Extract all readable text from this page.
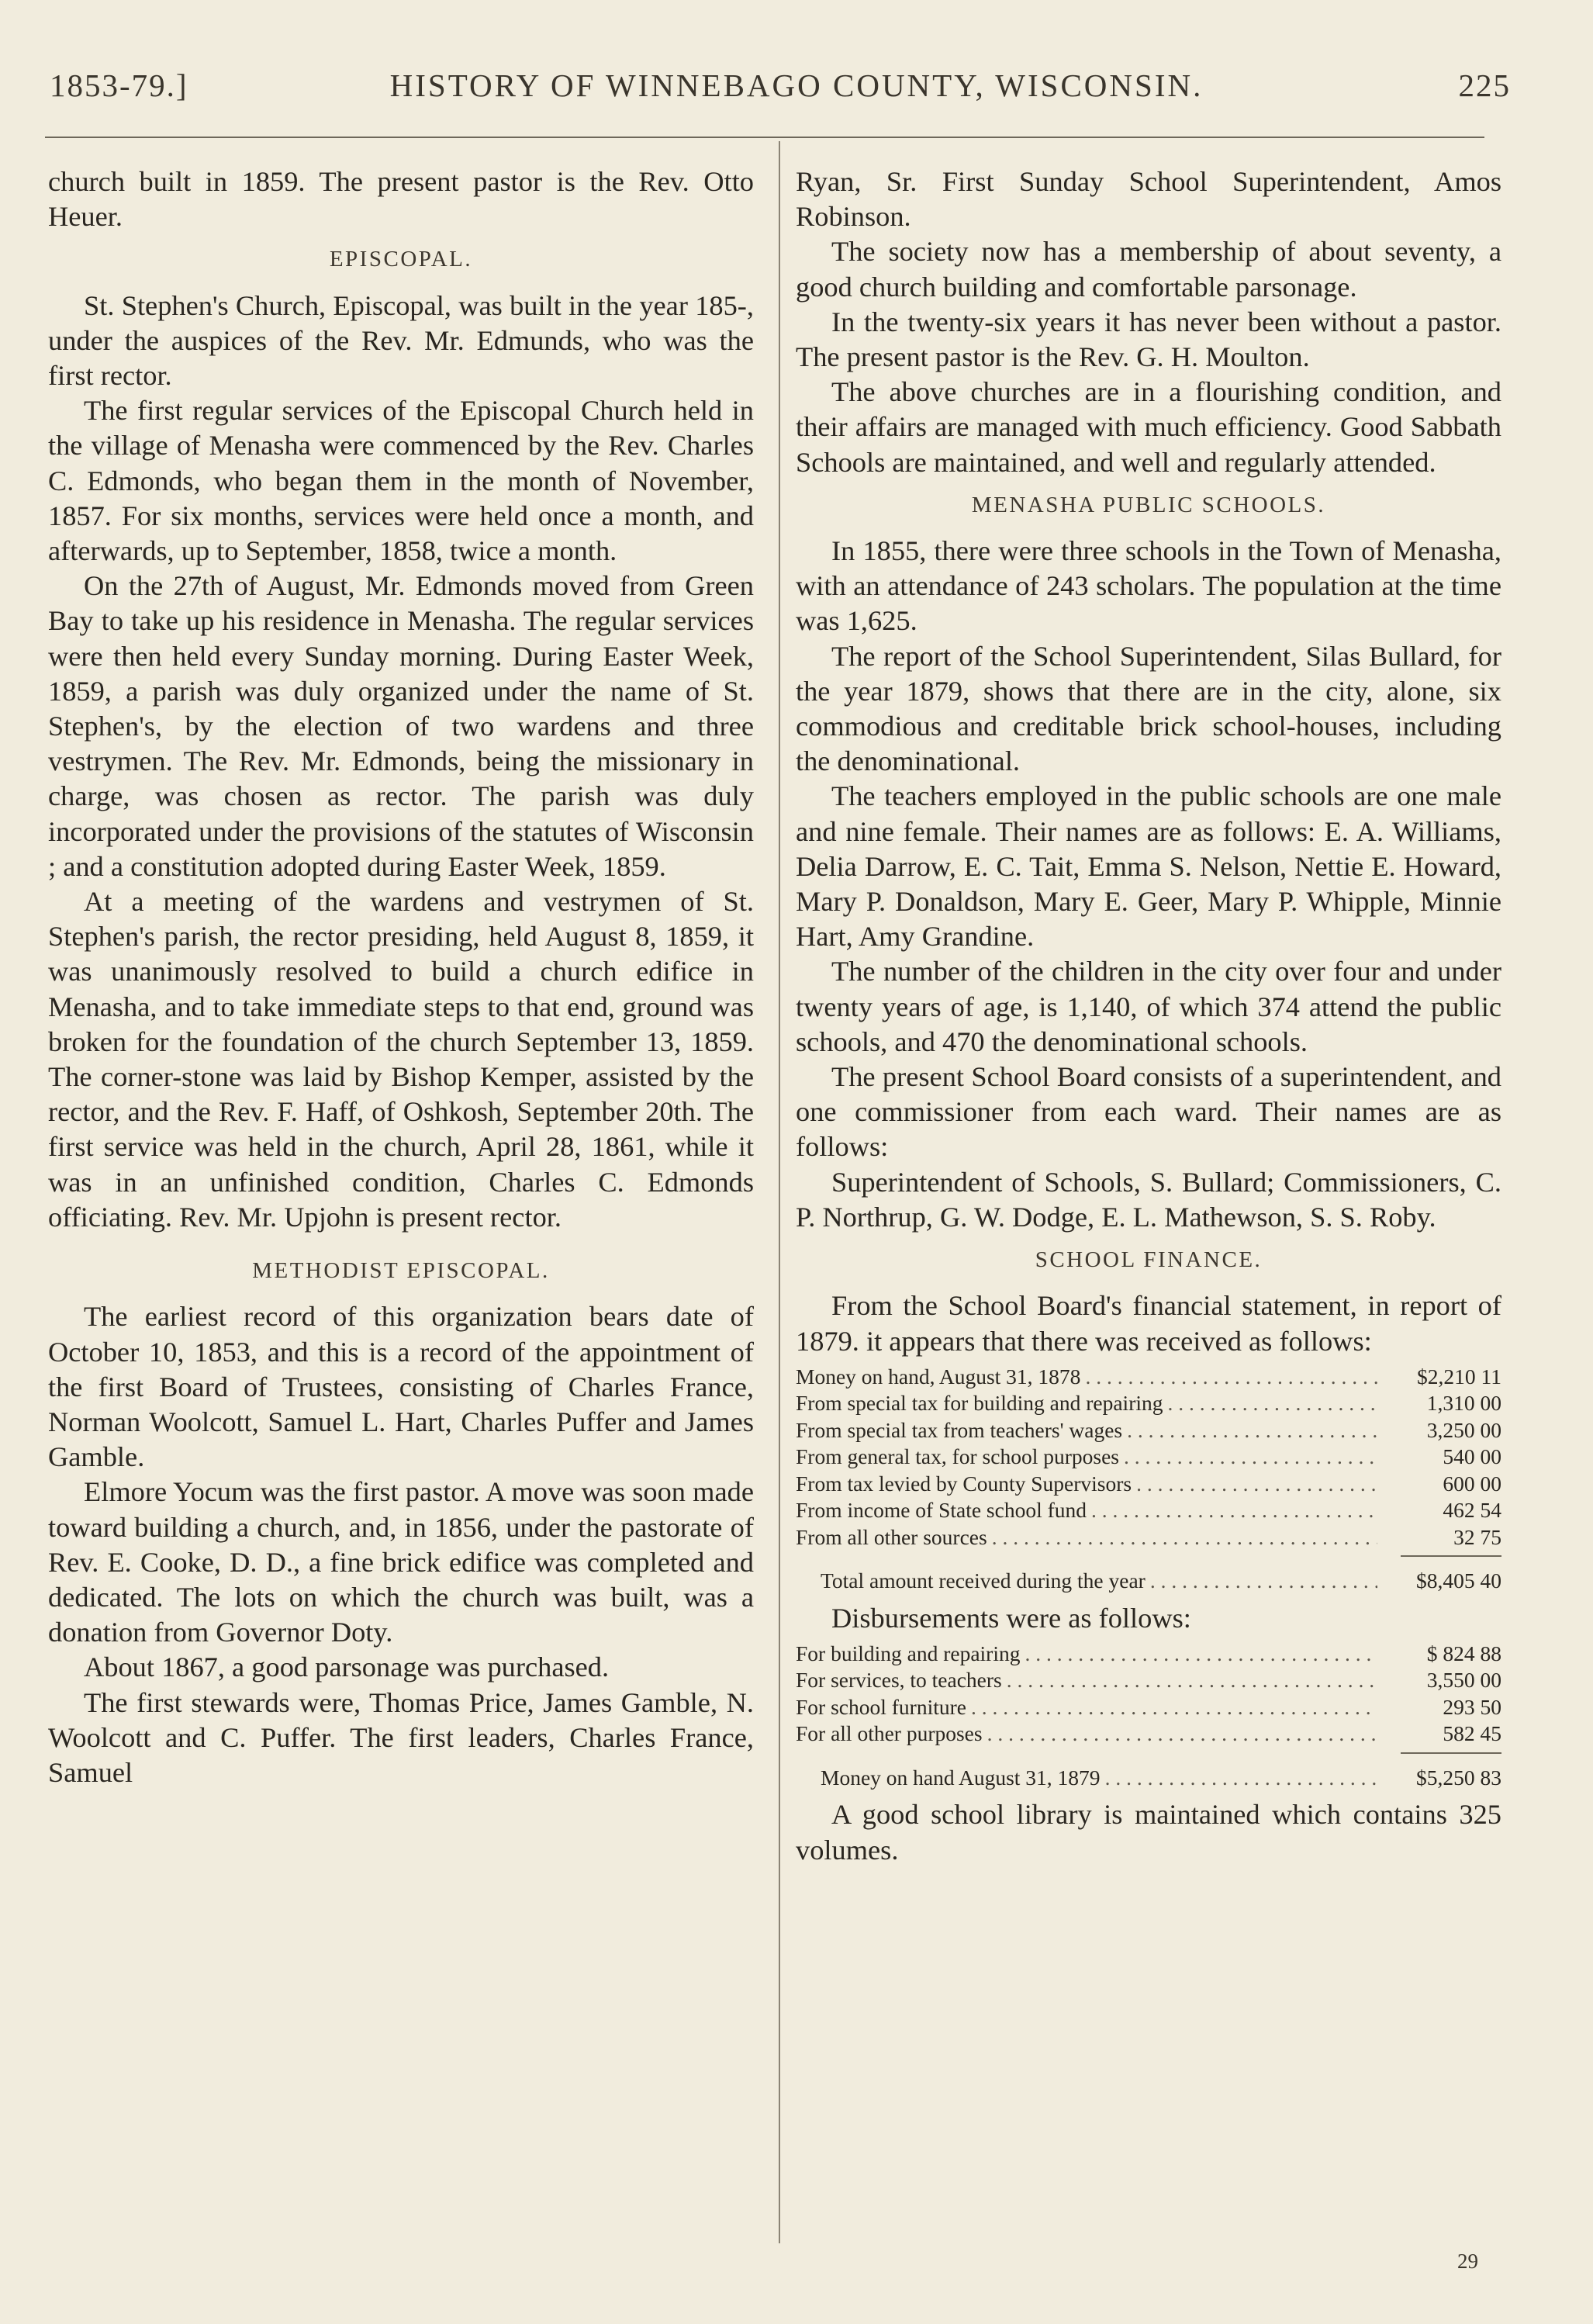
1853-79.]	HISTORY OF WINNEBAGO COUNTY, WISCONSIN.	225

church built in 1859. The present pastor is the Rev. Otto Heuer.

EPISCOPAL.

St. Stephen's Church, Episcopal, was built in the year 185-, under the auspices of the Rev. Mr. Edmunds, who was the first rector.

The first regular services of the Episcopal Church held in the village of Menasha were commenced by the Rev. Charles C. Edmonds, who began them in the month of November, 1857. For six months, services were held once a month, and afterwards, up to September, 1858, twice a month.

On the 27th of August, Mr. Edmonds moved from Green Bay to take up his residence in Menasha. The regular services were then held every Sunday morning. During Easter Week, 1859, a parish was duly organized under the name of St. Stephen's, by the election of two wardens and three vestrymen. The Rev. Mr. Edmonds, being the missionary in charge, was chosen as rector. The parish was duly incorporated under the provisions of the statutes of Wisconsin ; and a constitution adopted during Easter Week, 1859.

At a meeting of the wardens and vestrymen of St. Stephen's parish, the rector presiding, held August 8, 1859, it was unanimously resolved to build a church edifice in Menasha, and to take immediate steps to that end, ground was broken for the foundation of the church September 13, 1859. The corner-stone was laid by Bishop Kemper, assisted by the rector, and the Rev. F. Haff, of Oshkosh, September 20th. The first service was held in the church, April 28, 1861, while it was in an unfinished condition, Charles C. Edmonds officiating. Rev. Mr. Upjohn is present rector.

METHODIST EPISCOPAL.

The earliest record of this organization bears date of October 10, 1853, and this is a record of the appointment of the first Board of Trustees, consisting of Charles France, Norman Woolcott, Samuel L. Hart, Charles Puffer and James Gamble.

Elmore Yocum was the first pastor. A move was soon made toward building a church, and, in 1856, under the pastorate of Rev. E. Cooke, D. D., a fine brick edifice was completed and dedicated. The lots on which the church was built, was a donation from Governor Doty.

About 1867, a good parsonage was purchased.

The first stewards were, Thomas Price, James Gamble, N. Woolcott and C. Puffer. The first leaders, Charles France, Samuel

Ryan, Sr. First Sunday School Superintendent, Amos Robinson.

The society now has a membership of about seventy, a good church building and comfortable parsonage.

In the twenty-six years it has never been without a pastor. The present pastor is the Rev. G. H. Moulton.

The above churches are in a flourishing condition, and their affairs are managed with much efficiency. Good Sabbath Schools are maintained, and well and regularly attended.

MENASHA PUBLIC SCHOOLS.

In 1855, there were three schools in the Town of Menasha, with an attendance of 243 scholars. The population at the time was 1,625.

The report of the School Superintendent, Silas Bullard, for the year 1879, shows that there are in the city, alone, six commodious and creditable brick school-houses, including the denominational.

The teachers employed in the public schools are one male and nine female. Their names are as follows: E. A. Williams, Delia Darrow, E. C. Tait, Emma S. Nelson, Nettie E. Howard, Mary P. Donaldson, Mary E. Geer, Mary P. Whipple, Minnie Hart, Amy Grandine.

The number of the children in the city over four and under twenty years of age, is 1,140, of which 374 attend the public schools, and 470 the denominational schools.

The present School Board consists of a superintendent, and one commissioner from each ward. Their names are as follows:

Superintendent of Schools, S. Bullard; Commissioners, C. P. Northrup, G. W. Dodge, E. L. Mathewson, S. S. Roby.

SCHOOL FINANCE.

From the School Board's financial statement, in report of 1879. it appears that there was received as follows:

Money on hand, August 31, 1878 . . .	$2,210 11
From special tax for building and repairing . . .	1,310 00
From special tax from teachers' wages . . .	3,250 00
From general tax, for school purposes . . .	540 00
From tax levied by County Supervisors . . .	600 00
From income of State school fund . . .	462 54
From all other sources . . .	32 75
Total amount received during the year . . .	$8,405 40

Disbursements were as follows:

For building and repairing . . .	$ 824 88
For services, to teachers . . .	3,550 00
For school furniture . . .	293 50
For all other purposes . . .	582 45
Money on hand August 31, 1879 . . .	$5,250 83

A good school library is maintained which contains 325 volumes.

29
